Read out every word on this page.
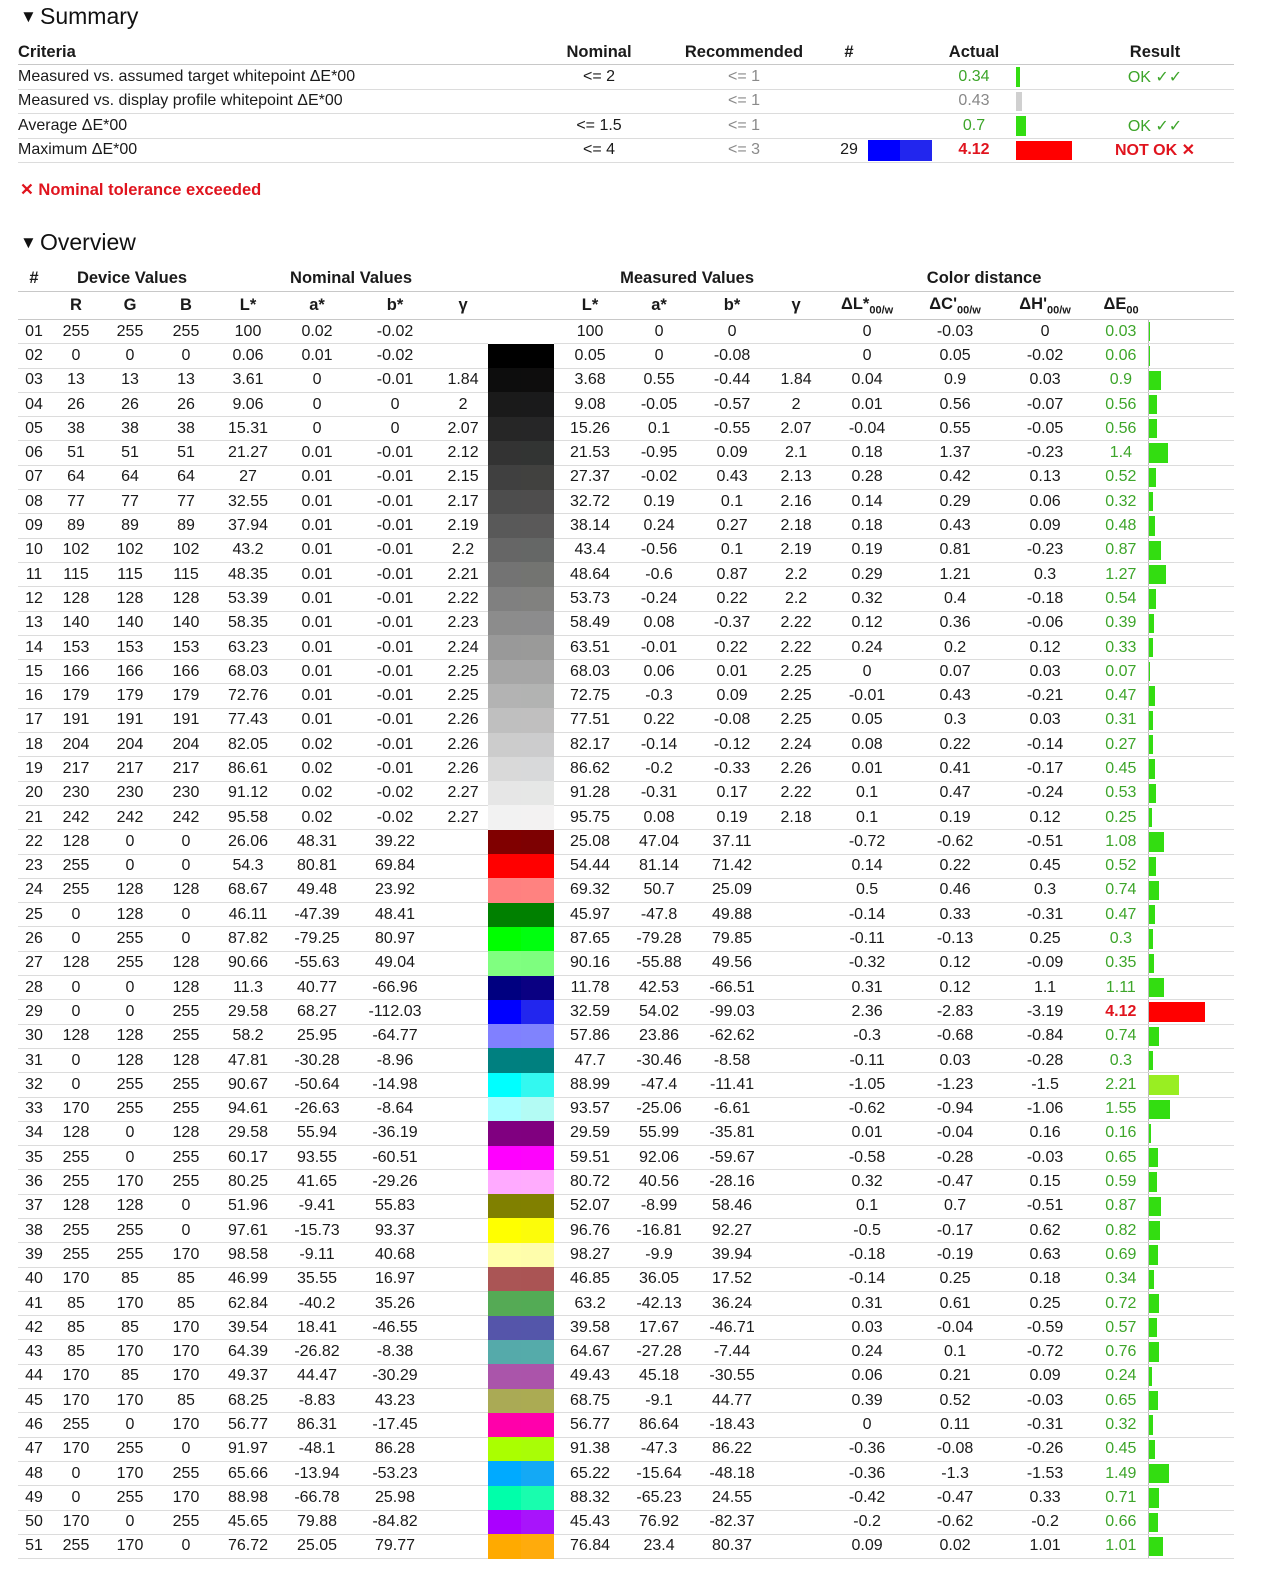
▼ Summary
Criteria	Nominal	Recommended	#		Actual		Result
Measured vs. assumed target whitepoint ΔE*00	<= 2	<= 1			0.34		OK ✓✓
Measured vs. display profile whitepoint ΔE*00		<= 1			0.43	

Average ΔE*00	<= 1.5	<= 1			0.7		OK ✓✓
Maximum ΔE*00	<= 4	<= 3	29		4.12		NOT OK ✕
✕ Nominal tolerance exceeded
▼ Overview
#	Device Values			Nominal Values					Measured Values				Color distance				
	R	G	B	L*	a*	b*	γ		L*	a*	b*	γ	$\Delta L*_{00/w}$	$\Delta C'_{00/w}$	$\Delta H'_{00/w}$	$\Delta E_{00}$	
01	255	255	255	100	0.02	-0.02			100	0	0		0	-0.03	0	0.03	

02	0	0	0	0.06	0.01	-0.02			0.05	0	-0.08		0	0.05	-0.02	0.06	

03	13	13	13	3.61	0	-0.01	1.84		3.68	0.55	-0.44	1.84	0.04	0.9	0.03	0.9	

04	26	26	26	9.06	0	0	2		9.08	-0.05	-0.57	2	0.01	0.56	-0.07	0.56	

05	38	38	38	15.31	0	0	2.07		15.26	0.1	-0.55	2.07	-0.04	0.55	-0.05	0.56	

06	51	51	51	21.27	0.01	-0.01	2.12		21.53	-0.95	0.09	2.1	0.18	1.37	-0.23	1.4	

07	64	64	64	27	0.01	-0.01	2.15		27.37	-0.02	0.43	2.13	0.28	0.42	0.13	0.52	

08	77	77	77	32.55	0.01	-0.01	2.17		32.72	0.19	0.1	2.16	0.14	0.29	0.06	0.32	

09	89	89	89	37.94	0.01	-0.01	2.19		38.14	0.24	0.27	2.18	0.18	0.43	0.09	0.48	

10	102	102	102	43.2	0.01	-0.01	2.2		43.4	-0.56	0.1	2.19	0.19	0.81	-0.23	0.87	

11	115	115	115	48.35	0.01	-0.01	2.21		48.64	-0.6	0.87	2.2	0.29	1.21	0.3	1.27	

12	128	128	128	53.39	0.01	-0.01	2.22		53.73	-0.24	0.22	2.2	0.32	0.4	-0.18	0.54	

13	140	140	140	58.35	0.01	-0.01	2.23		58.49	0.08	-0.37	2.22	0.12	0.36	-0.06	0.39	

14	153	153	153	63.23	0.01	-0.01	2.24		63.51	-0.01	0.22	2.22	0.24	0.2	0.12	0.33	

15	166	166	166	68.03	0.01	-0.01	2.25		68.03	0.06	0.01	2.25	0	0.07	0.03	0.07	

16	179	179	179	72.76	0.01	-0.01	2.25		72.75	-0.3	0.09	2.25	-0.01	0.43	-0.21	0.47	

17	191	191	191	77.43	0.01	-0.01	2.26		77.51	0.22	-0.08	2.25	0.05	0.3	0.03	0.31	

18	204	204	204	82.05	0.02	-0.01	2.26		82.17	-0.14	-0.12	2.24	0.08	0.22	-0.14	0.27	

19	217	217	217	86.61	0.02	-0.01	2.26		86.62	-0.2	-0.33	2.26	0.01	0.41	-0.17	0.45	

20	230	230	230	91.12	0.02	-0.02	2.27		91.28	-0.31	0.17	2.22	0.1	0.47	-0.24	0.53	

21	242	242	242	95.58	0.02	-0.02	2.27		95.75	0.08	0.19	2.18	0.1	0.19	0.12	0.25	

22	128	0	0	26.06	48.31	39.22			25.08	47.04	37.11		-0.72	-0.62	-0.51	1.08	

23	255	0	0	54.3	80.81	69.84			54.44	81.14	71.42		0.14	0.22	0.45	0.52	

24	255	128	128	68.67	49.48	23.92			69.32	50.7	25.09		0.5	0.46	0.3	0.74	

25	0	128	0	46.11	-47.39	48.41			45.97	-47.8	49.88		-0.14	0.33	-0.31	0.47	

26	0	255	0	87.82	-79.25	80.97			87.65	-79.28	79.85		-0.11	-0.13	0.25	0.3	

27	128	255	128	90.66	-55.63	49.04			90.16	-55.88	49.56		-0.32	0.12	-0.09	0.35	

28	0	0	128	11.3	40.77	-66.96			11.78	42.53	-66.51		0.31	0.12	1.1	1.11	

29	0	0	255	29.58	68.27	-112.03			32.59	54.02	-99.03		2.36	-2.83	-3.19	4.12	

30	128	128	255	58.2	25.95	-64.77			57.86	23.86	-62.62		-0.3	-0.68	-0.84	0.74	

31	0	128	128	47.81	-30.28	-8.96			47.7	-30.46	-8.58		-0.11	0.03	-0.28	0.3	

32	0	255	255	90.67	-50.64	-14.98			88.99	-47.4	-11.41		-1.05	-1.23	-1.5	2.21	

33	170	255	255	94.61	-26.63	-8.64			93.57	-25.06	-6.61		-0.62	-0.94	-1.06	1.55	

34	128	0	128	29.58	55.94	-36.19			29.59	55.99	-35.81		0.01	-0.04	0.16	0.16	

35	255	0	255	60.17	93.55	-60.51			59.51	92.06	-59.67		-0.58	-0.28	-0.03	0.65	

36	255	170	255	80.25	41.65	-29.26			80.72	40.56	-28.16		0.32	-0.47	0.15	0.59	

37	128	128	0	51.96	-9.41	55.83			52.07	-8.99	58.46		0.1	0.7	-0.51	0.87	

38	255	255	0	97.61	-15.73	93.37			96.76	-16.81	92.27		-0.5	-0.17	0.62	0.82	

39	255	255	170	98.58	-9.11	40.68			98.27	-9.9	39.94		-0.18	-0.19	0.63	0.69	

40	170	85	85	46.99	35.55	16.97			46.85	36.05	17.52		-0.14	0.25	0.18	0.34	

41	85	170	85	62.84	-40.2	35.26			63.2	-42.13	36.24		0.31	0.61	0.25	0.72	

42	85	85	170	39.54	18.41	-46.55			39.58	17.67	-46.71		0.03	-0.04	-0.59	0.57	

43	85	170	170	64.39	-26.82	-8.38			64.67	-27.28	-7.44		0.24	0.1	-0.72	0.76	

44	170	85	170	49.37	44.47	-30.29			49.43	45.18	-30.55		0.06	0.21	0.09	0.24	

45	170	170	85	68.25	-8.83	43.23			68.75	-9.1	44.77		0.39	0.52	-0.03	0.65	

46	255	0	170	56.77	86.31	-17.45			56.77	86.64	-18.43		0	0.11	-0.31	0.32	

47	170	255	0	91.97	-48.1	86.28			91.38	-47.3	86.22		-0.36	-0.08	-0.26	0.45	

48	0	170	255	65.66	-13.94	-53.23			65.22	-15.64	-48.18		-0.36	-1.3	-1.53	1.49	

49	0	255	170	88.98	-66.78	25.98			88.32	-65.23	24.55		-0.42	-0.47	0.33	0.71	

50	170	0	255	45.65	79.88	-84.82			45.43	76.92	-82.37		-0.2	-0.62	-0.2	0.66	

51	255	170	0	76.72	25.05	79.77			76.84	23.4	80.37		0.09	0.02	1.01	1.01	
